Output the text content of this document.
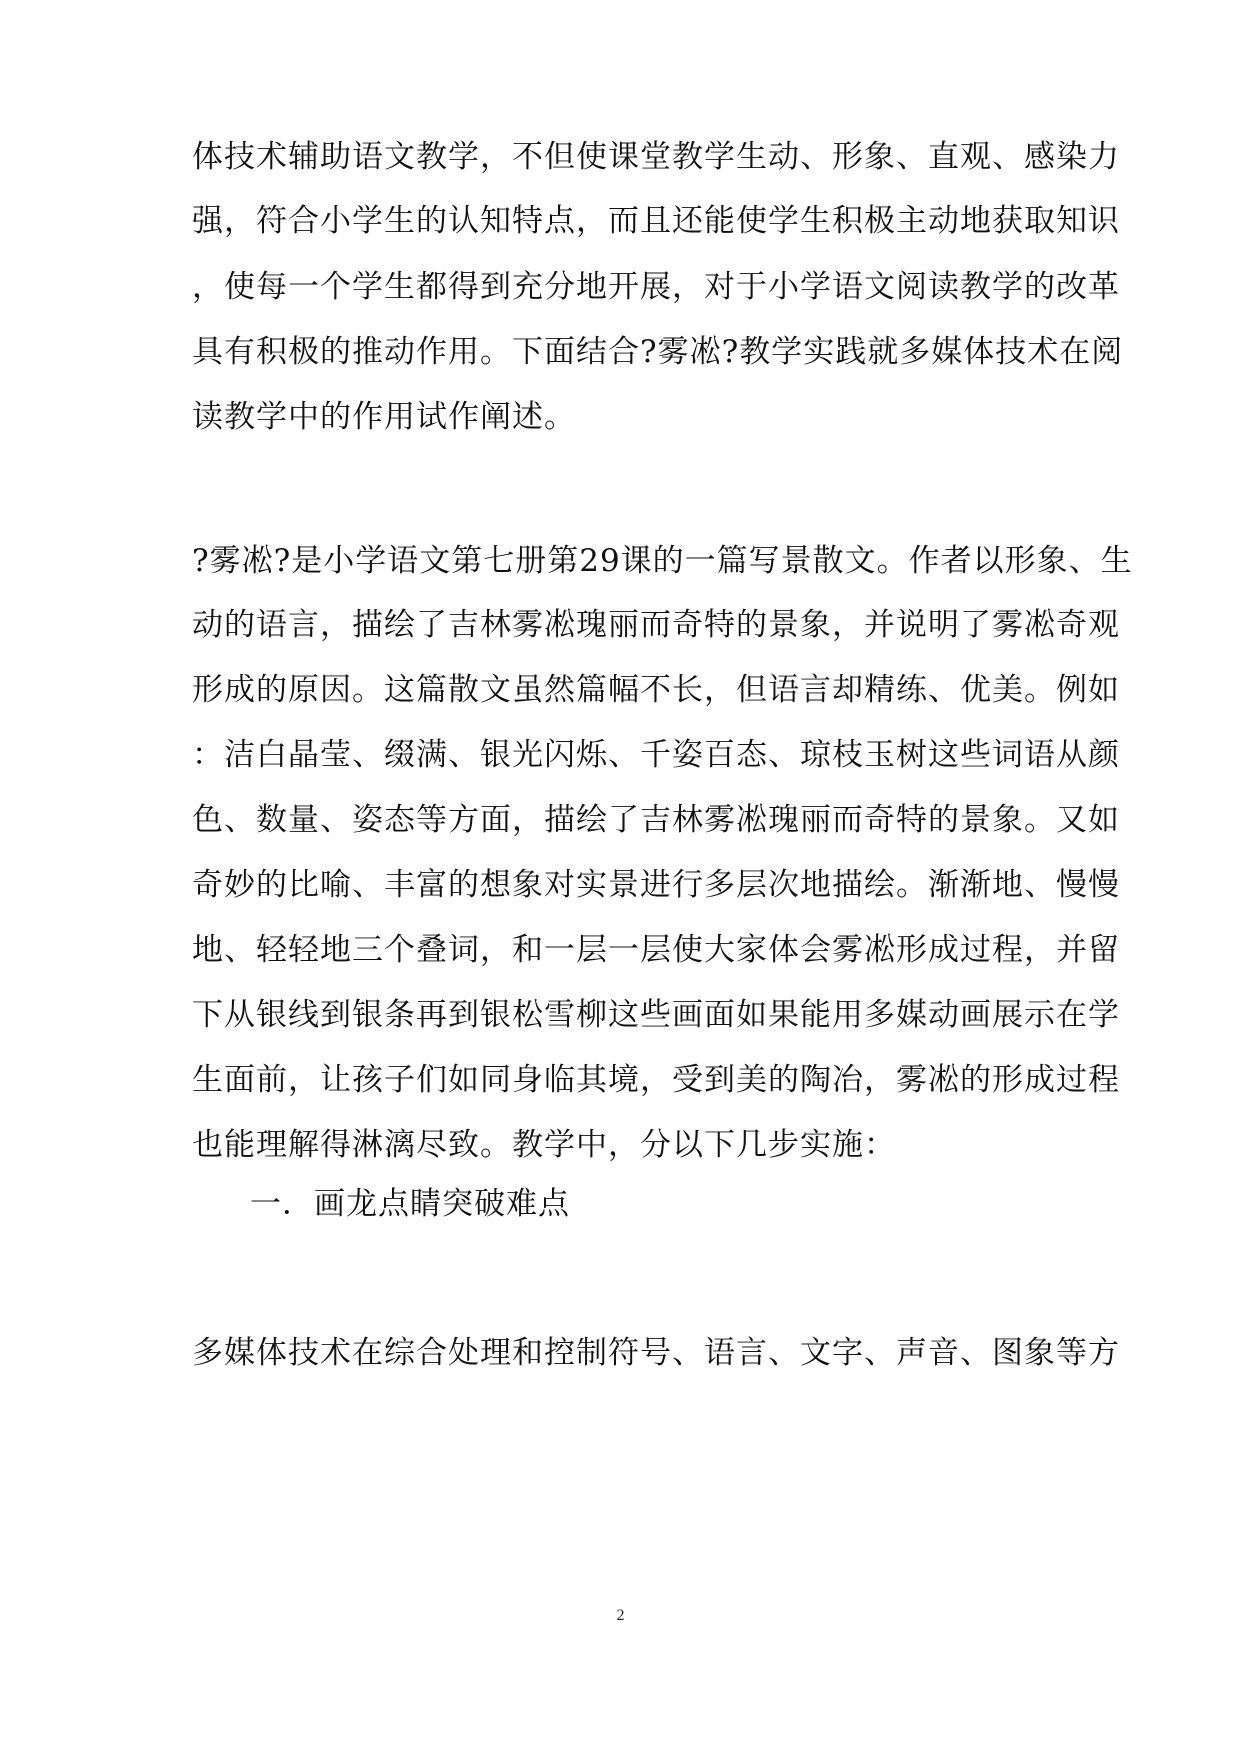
体技术辅助语文教学，不但使课堂教学生动、形象、直观、感染力
强，符合小学生的认知特点，而且还能使学生积极主动地获取知识
，使每一个学生都得到充分地开展，对于小学语文阅读教学的改革
具有积极的推动作用。下面结合?雾凇?教学实践就多媒体技术在阅
读教学中的作用试作阐述。
?雾凇?是小学语文第七册第29课的一篇写景散文。作者以形象、生
动的语言，描绘了吉林雾凇瑰丽而奇特的景象，并说明了雾凇奇观
形成的原因。这篇散文虽然篇幅不长，但语言却精练、优美。例如
：洁白晶莹、缀满、银光闪烁、千姿百态、琼枝玉树这些词语从颜
色、数量、姿态等方面，描绘了吉林雾凇瑰丽而奇特的景象。又如
奇妙的比喻、丰富的想象对实景进行多层次地描绘。渐渐地、慢慢
地、轻轻地三个叠词，和一层一层使大家体会雾凇形成过程，并留
下从银线到银条再到银松雪柳这些画面如果能用多媒动画展示在学
生面前，让孩子们如同身临其境，受到美的陶冶，雾凇的形成过程
也能理解得淋漓尽致。教学中，分以下几步实施：
一．画龙点睛突破难点
多媒体技术在综合处理和控制符号、语言、文字、声音、图象等方
2
